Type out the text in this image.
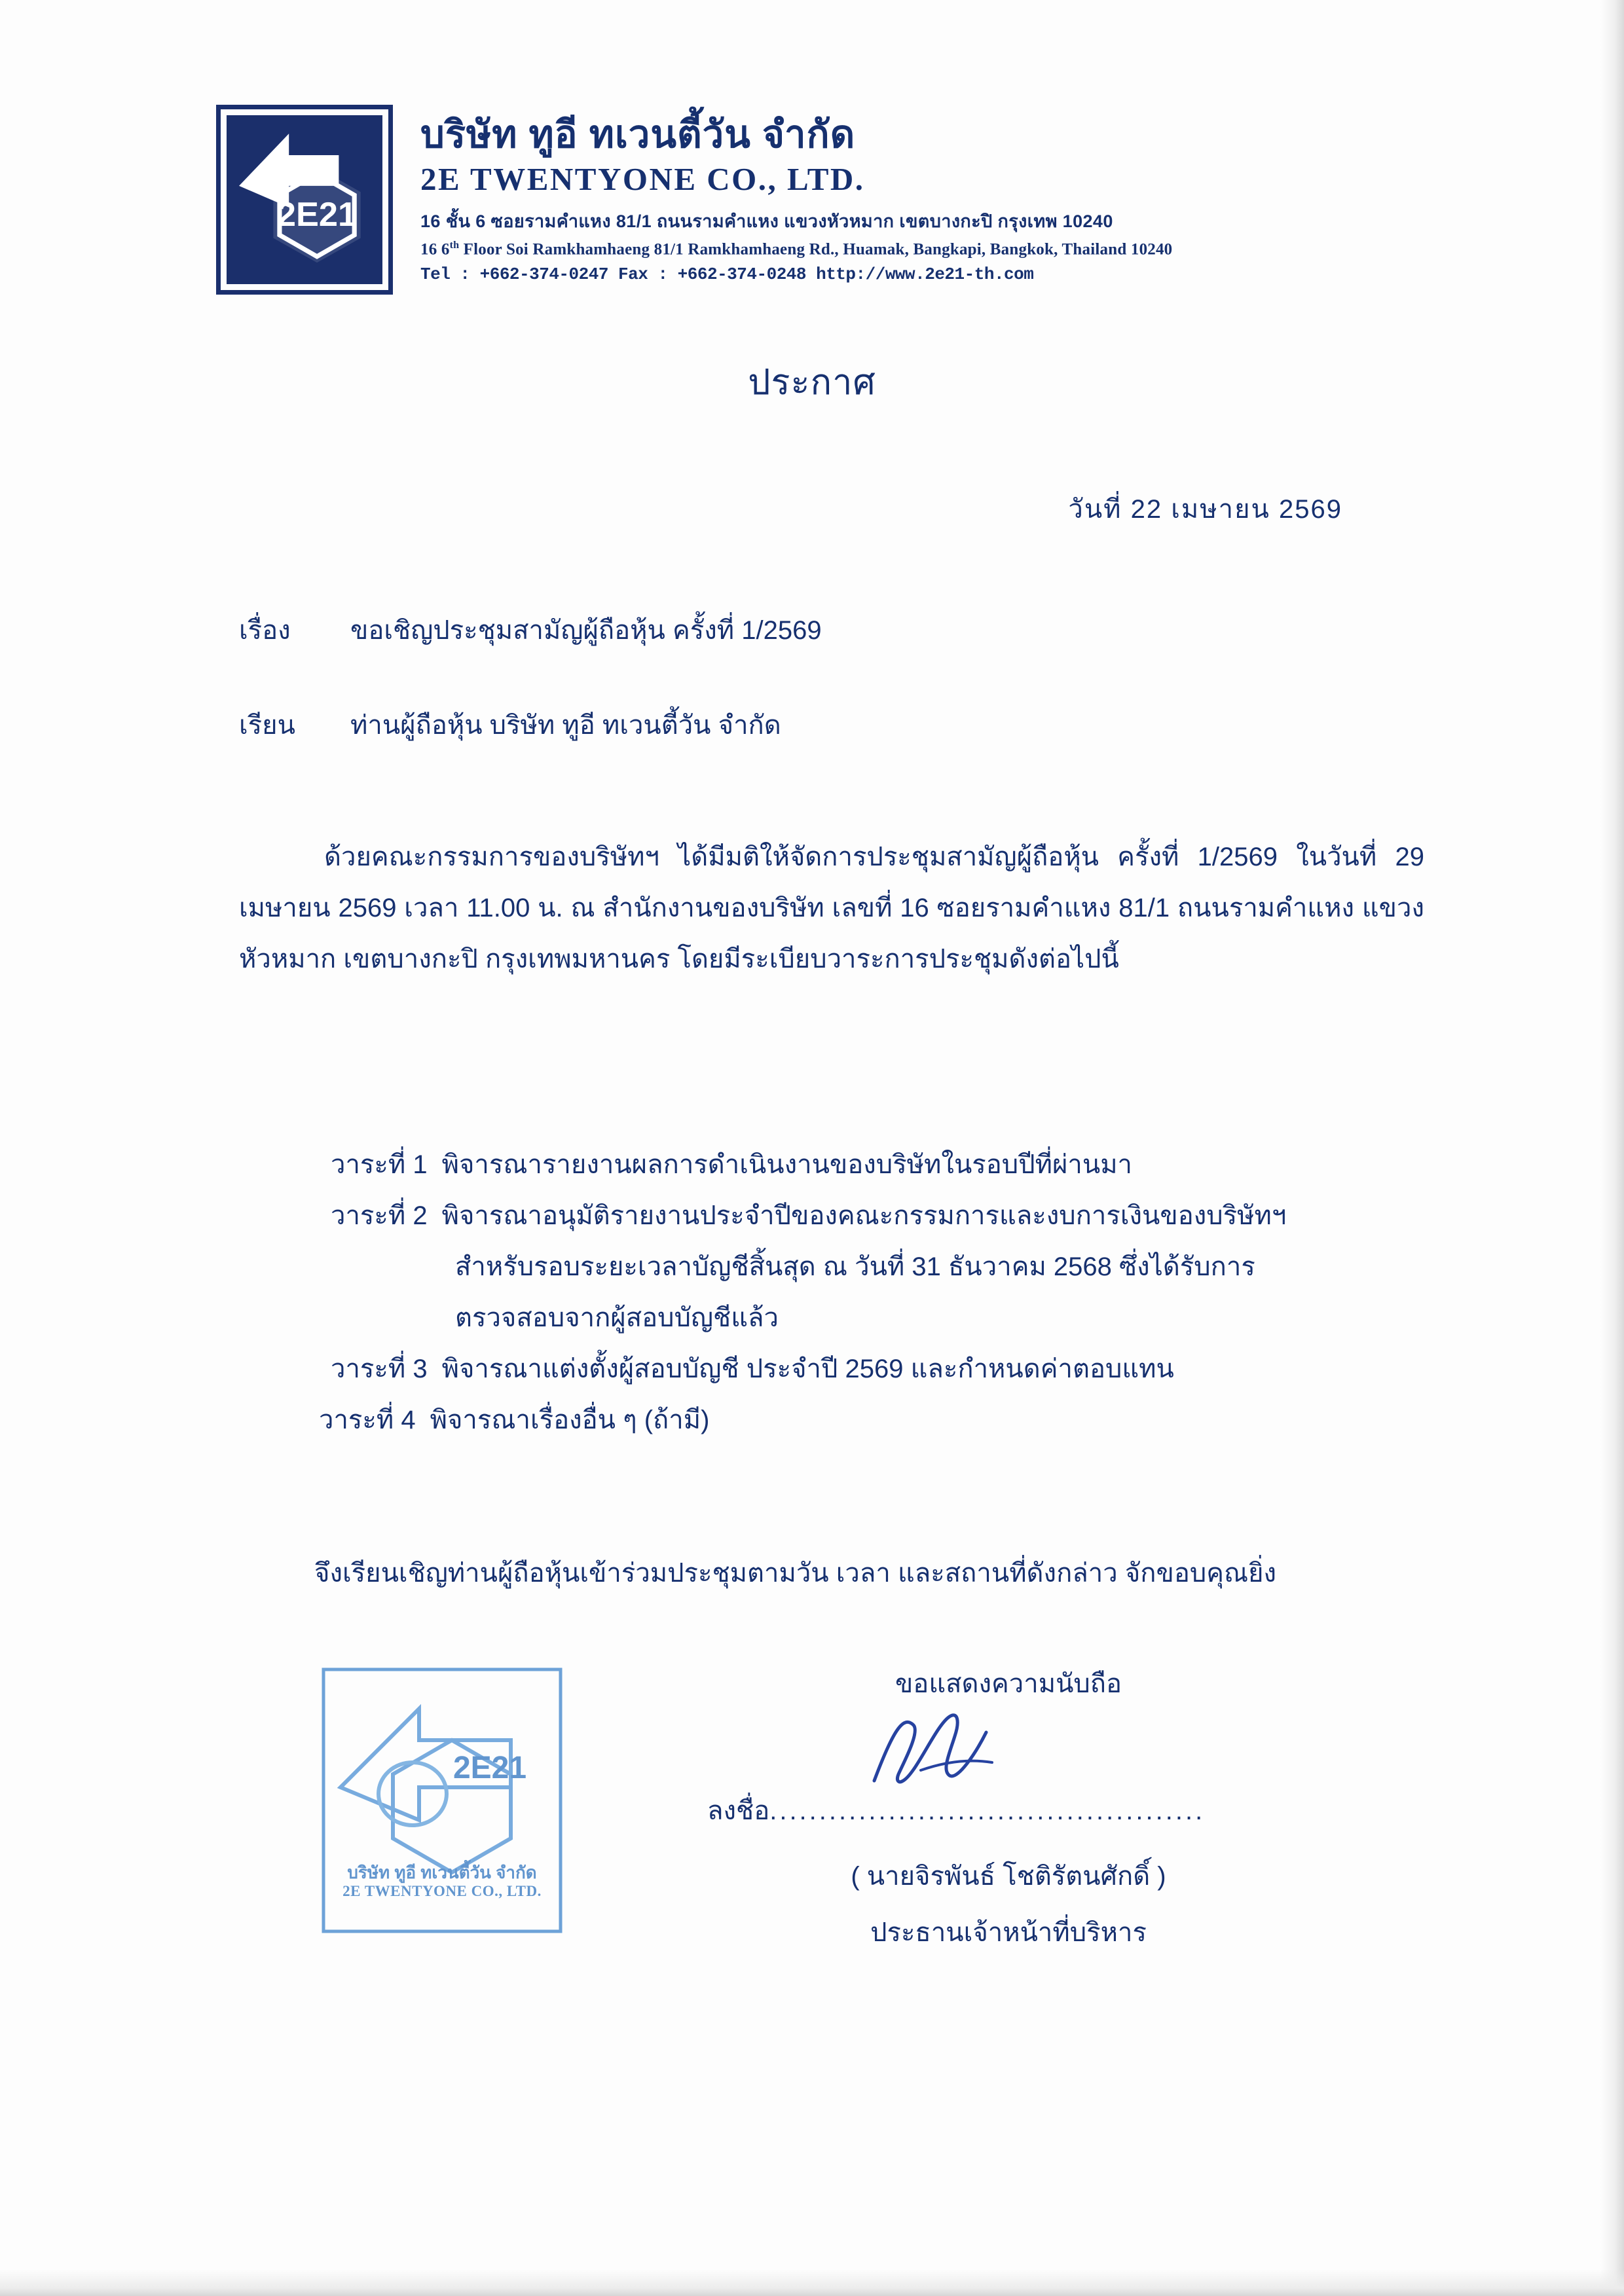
2E21
บริษัท ทูอี ทเวนตี้วัน จำกัด
2E TWENTYONE CO., LTD.
16 ชั้น 6 ซอยรามคำแหง 81/1 ถนนรามคำแหง แขวงหัวหมาก เขตบางกะปิ กรุงเทพ 10240
16 6th Floor Soi Ramkhamhaeng 81/1 Ramkhamhaeng Rd., Huamak, Bangkapi, Bangkok, Thailand 10240
Tel : +662-374-0247 Fax : +662-374-0248 http://www.2e21-th.com
ประกาศ
วันที่ 22 เมษายน 2569
เรื่อง	ขอเชิญประชุมสามัญผู้ถือหุ้น ครั้งที่ 1/2569
เรียน	ท่านผู้ถือหุ้น บริษัท ทูอี ทเวนตี้วัน จำกัด
ด้วยคณะกรรมการของบริษัทฯ ได้มีมติให้จัดการประชุมสามัญผู้ถือหุ้น ครั้งที่ 1/2569 ในวันที่ 29 เมษายน 2569 เวลา 11.00 น. ณ สำนักงานของบริษัท เลขที่ 16 ซอยรามคำแหง 81/1 ถนนรามคำแหง แขวงหัวหมาก เขตบางกะปิ กรุงเทพมหานคร โดยมีระเบียบวาระการประชุมดังต่อไปนี้
วาระที่ 1 พิจารณารายงานผลการดำเนินงานของบริษัทในรอบปีที่ผ่านมา
วาระที่ 2 พิจารณาอนุมัติรายงานประจำปีของคณะกรรมการและงบการเงินของบริษัทฯ
สำหรับรอบระยะเวลาบัญชีสิ้นสุด ณ วันที่ 31 ธันวาคม 2568 ซึ่งได้รับการ
ตรวจสอบจากผู้สอบบัญชีแล้ว
วาระที่ 3 พิจารณาแต่งตั้งผู้สอบบัญชี ประจำปี 2569 และกำหนดค่าตอบแทน
วาระที่ 4 พิจารณาเรื่องอื่น ๆ (ถ้ามี)
จึงเรียนเชิญท่านผู้ถือหุ้นเข้าร่วมประชุมตามวัน เวลา และสถานที่ดังกล่าว จักขอบคุณยิ่ง
ขอแสดงความนับถือ
ลงชื่อ ............................................
( นายจิรพันธ์ โชติรัตนศักดิ์ )
ประธานเจ้าหน้าที่บริหาร
2E21
บริษัท ทูอี ทเวนตี้วัน จำกัด
2E TWENTYONE CO., LTD.
